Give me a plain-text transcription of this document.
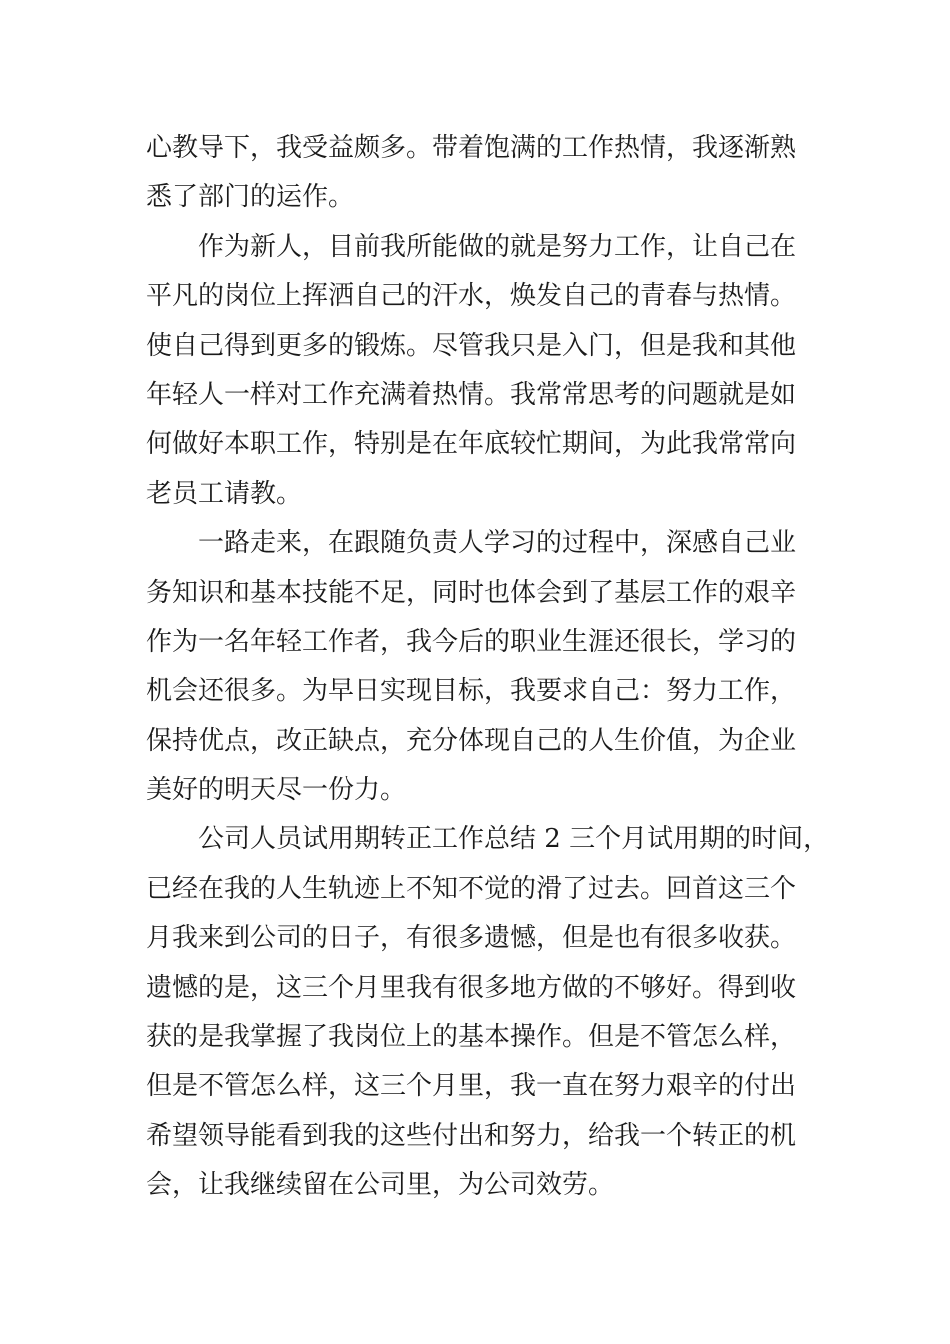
心教导下，我受益颇多。带着饱满的工作热情，我逐渐熟
悉了部门的运作。
作为新人，目前我所能做的就是努力工作，让自己在
平凡的岗位上挥洒自己的汗水，焕发自己的青春与热情。
使自己得到更多的锻炼。尽管我只是入门，但是我和其他
年轻人一样对工作充满着热情。我常常思考的问题就是如
何做好本职工作，特别是在年底较忙期间，为此我常常向
老员工请教。
一路走来，在跟随负责人学习的过程中，深感自己业
务知识和基本技能不足，同时也体会到了基层工作的艰辛
作为一名年轻工作者，我今后的职业生涯还很长，学习的
机会还很多。为早日实现目标，我要求自己：努力工作，
保持优点，改正缺点，充分体现自己的人生价值，为企业
美好的明天尽一份力。
公司人员试用期转正工作总结 2 三个月试用期的时间，
已经在我的人生轨迹上不知不觉的滑了过去。回首这三个
月我来到公司的日子，有很多遗憾，但是也有很多收获。
遗憾的是，这三个月里我有很多地方做的不够好。得到收
获的是我掌握了我岗位上的基本操作。但是不管怎么样，
但是不管怎么样，这三个月里，我一直在努力艰辛的付出
希望领导能看到我的这些付出和努力，给我一个转正的机
会，让我继续留在公司里，为公司效劳。
